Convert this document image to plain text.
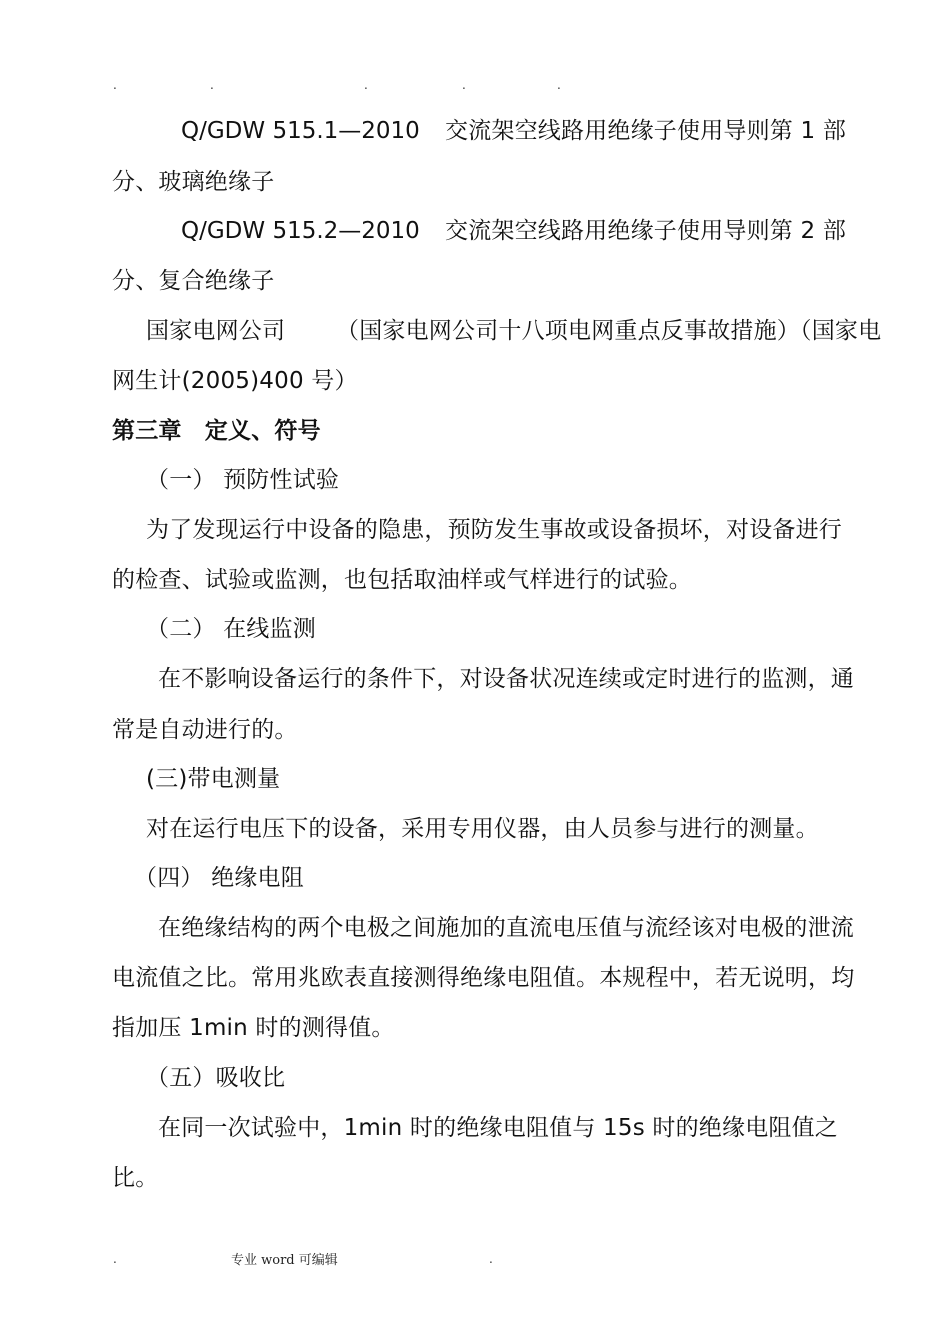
.	.	.	.	.
Q/GDW 515.1—2010 交流架空线路用绝缘子使用导则第 1 部
分、玻璃绝缘子
Q/GDW 515.2—2010 交流架空线路用绝缘子使用导则第 2 部
分、复合绝缘子
国家电网公司 （国家电网公司十八项电网重点反事故措施）（国家电
网生计(2005)400 号）
第三章　定义、符号
（一） 预防性试验
为了发现运行中设备的隐患，预防发生事故或设备损坏，对设备进行
的检查、试验或监测，也包括取油样或气样进行的试验。
（二） 在线监测
在不影响设备运行的条件下，对设备状况连续或定时进行的监测，通
常是自动进行的。
(三)带电测量
对在运行电压下的设备，采用专用仪器，由人员参与进行的测量。
（四） 绝缘电阻
在绝缘结构的两个电极之间施加的直流电压值与流经该对电极的泄流
电流值之比。常用兆欧表直接测得绝缘电阻值。本规程中，若无说明，均
指加压 1min 时的测得值。
（五）吸收比
在同一次试验中，1min 时的绝缘电阻值与 15s 时的绝缘电阻值之
比。
.	专业 word 可编辑	.
